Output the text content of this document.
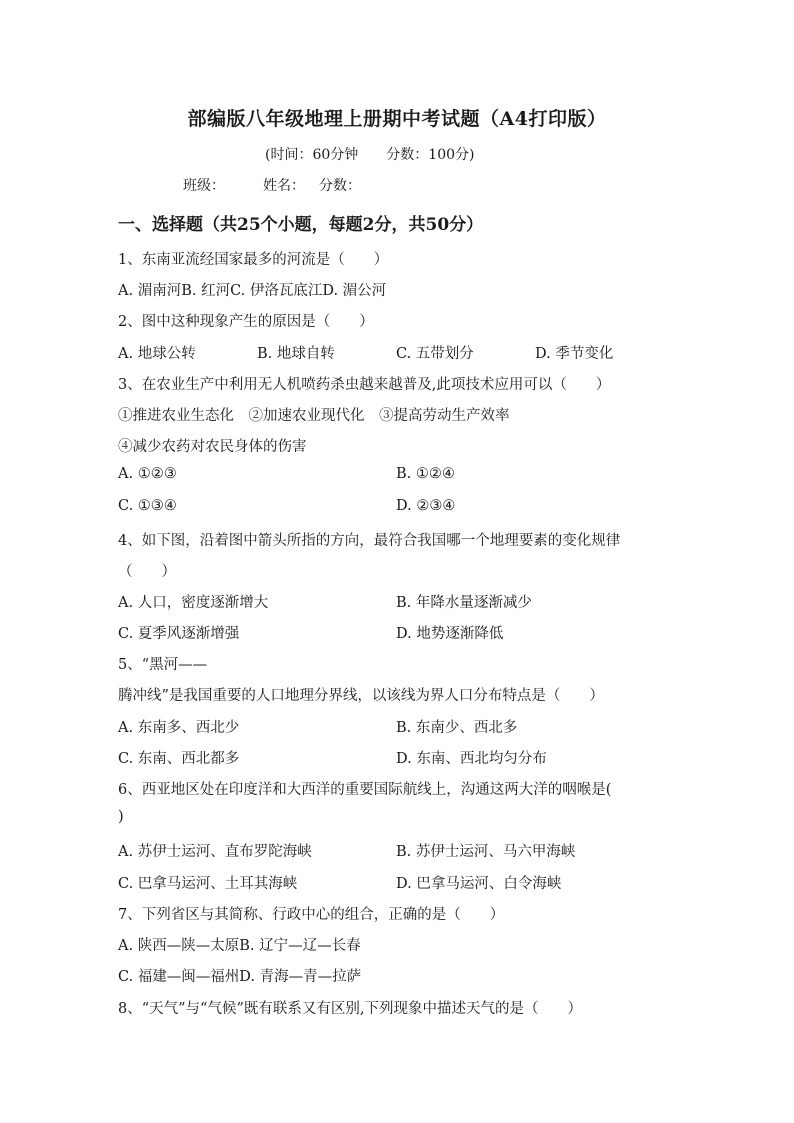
部编版八年级地理上册期中考试题（A4打印版）
(时间：60分钟 分数：100分)
班级：	姓名： 分数：
一、选择题（共25个小题，每题2分，共50分）
1、东南亚流经国家最多的河流是（　　）
A. 湄南河B. 红河C. 伊洛瓦底江D. 湄公河
2、图中这种现象产生的原因是（　　）
A. 地球公转	B. 地球自转	C. 五带划分	D. 季节变化
3、在农业生产中利用无人机喷药杀虫越来越普及,此项技术应用可以（　　）
①推进农业生态化　②加速农业现代化　③提高劳动生产效率
④减少农药对农民身体的伤害
A. ①②③	B. ①②④
C. ①③④	D. ②③④
4、如下图，沿着图中箭头所指的方向，最符合我国哪一个地理要素的变化规律
（　　）
A. 人口，密度逐渐增大	B. 年降水量逐渐减少
C. 夏季风逐渐增强	D. 地势逐渐降低
5、“黑河——
腾冲线”是我国重要的人口地理分界线，以该线为界人口分布特点是（　　）
A. 东南多、西北少	B. 东南少、西北多
C. 东南、西北都多	D. 东南、西北均匀分布
6、西亚地区处在印度洋和大西洋的重要国际航线上，沟通这两大洋的咽喉是(
)
A. 苏伊士运河、直布罗陀海峡	B. 苏伊士运河、马六甲海峡
C. 巴拿马运河、土耳其海峡	D. 巴拿马运河、白令海峡
7、下列省区与其简称、行政中心的组合，正确的是（　　）
A. 陕西—陕—太原B. 辽宁—辽—长春
C. 福建—闽—福州D. 青海—青—拉萨
8、“天气”与“气候”既有联系又有区别,下列现象中描述天气的是（　　）
